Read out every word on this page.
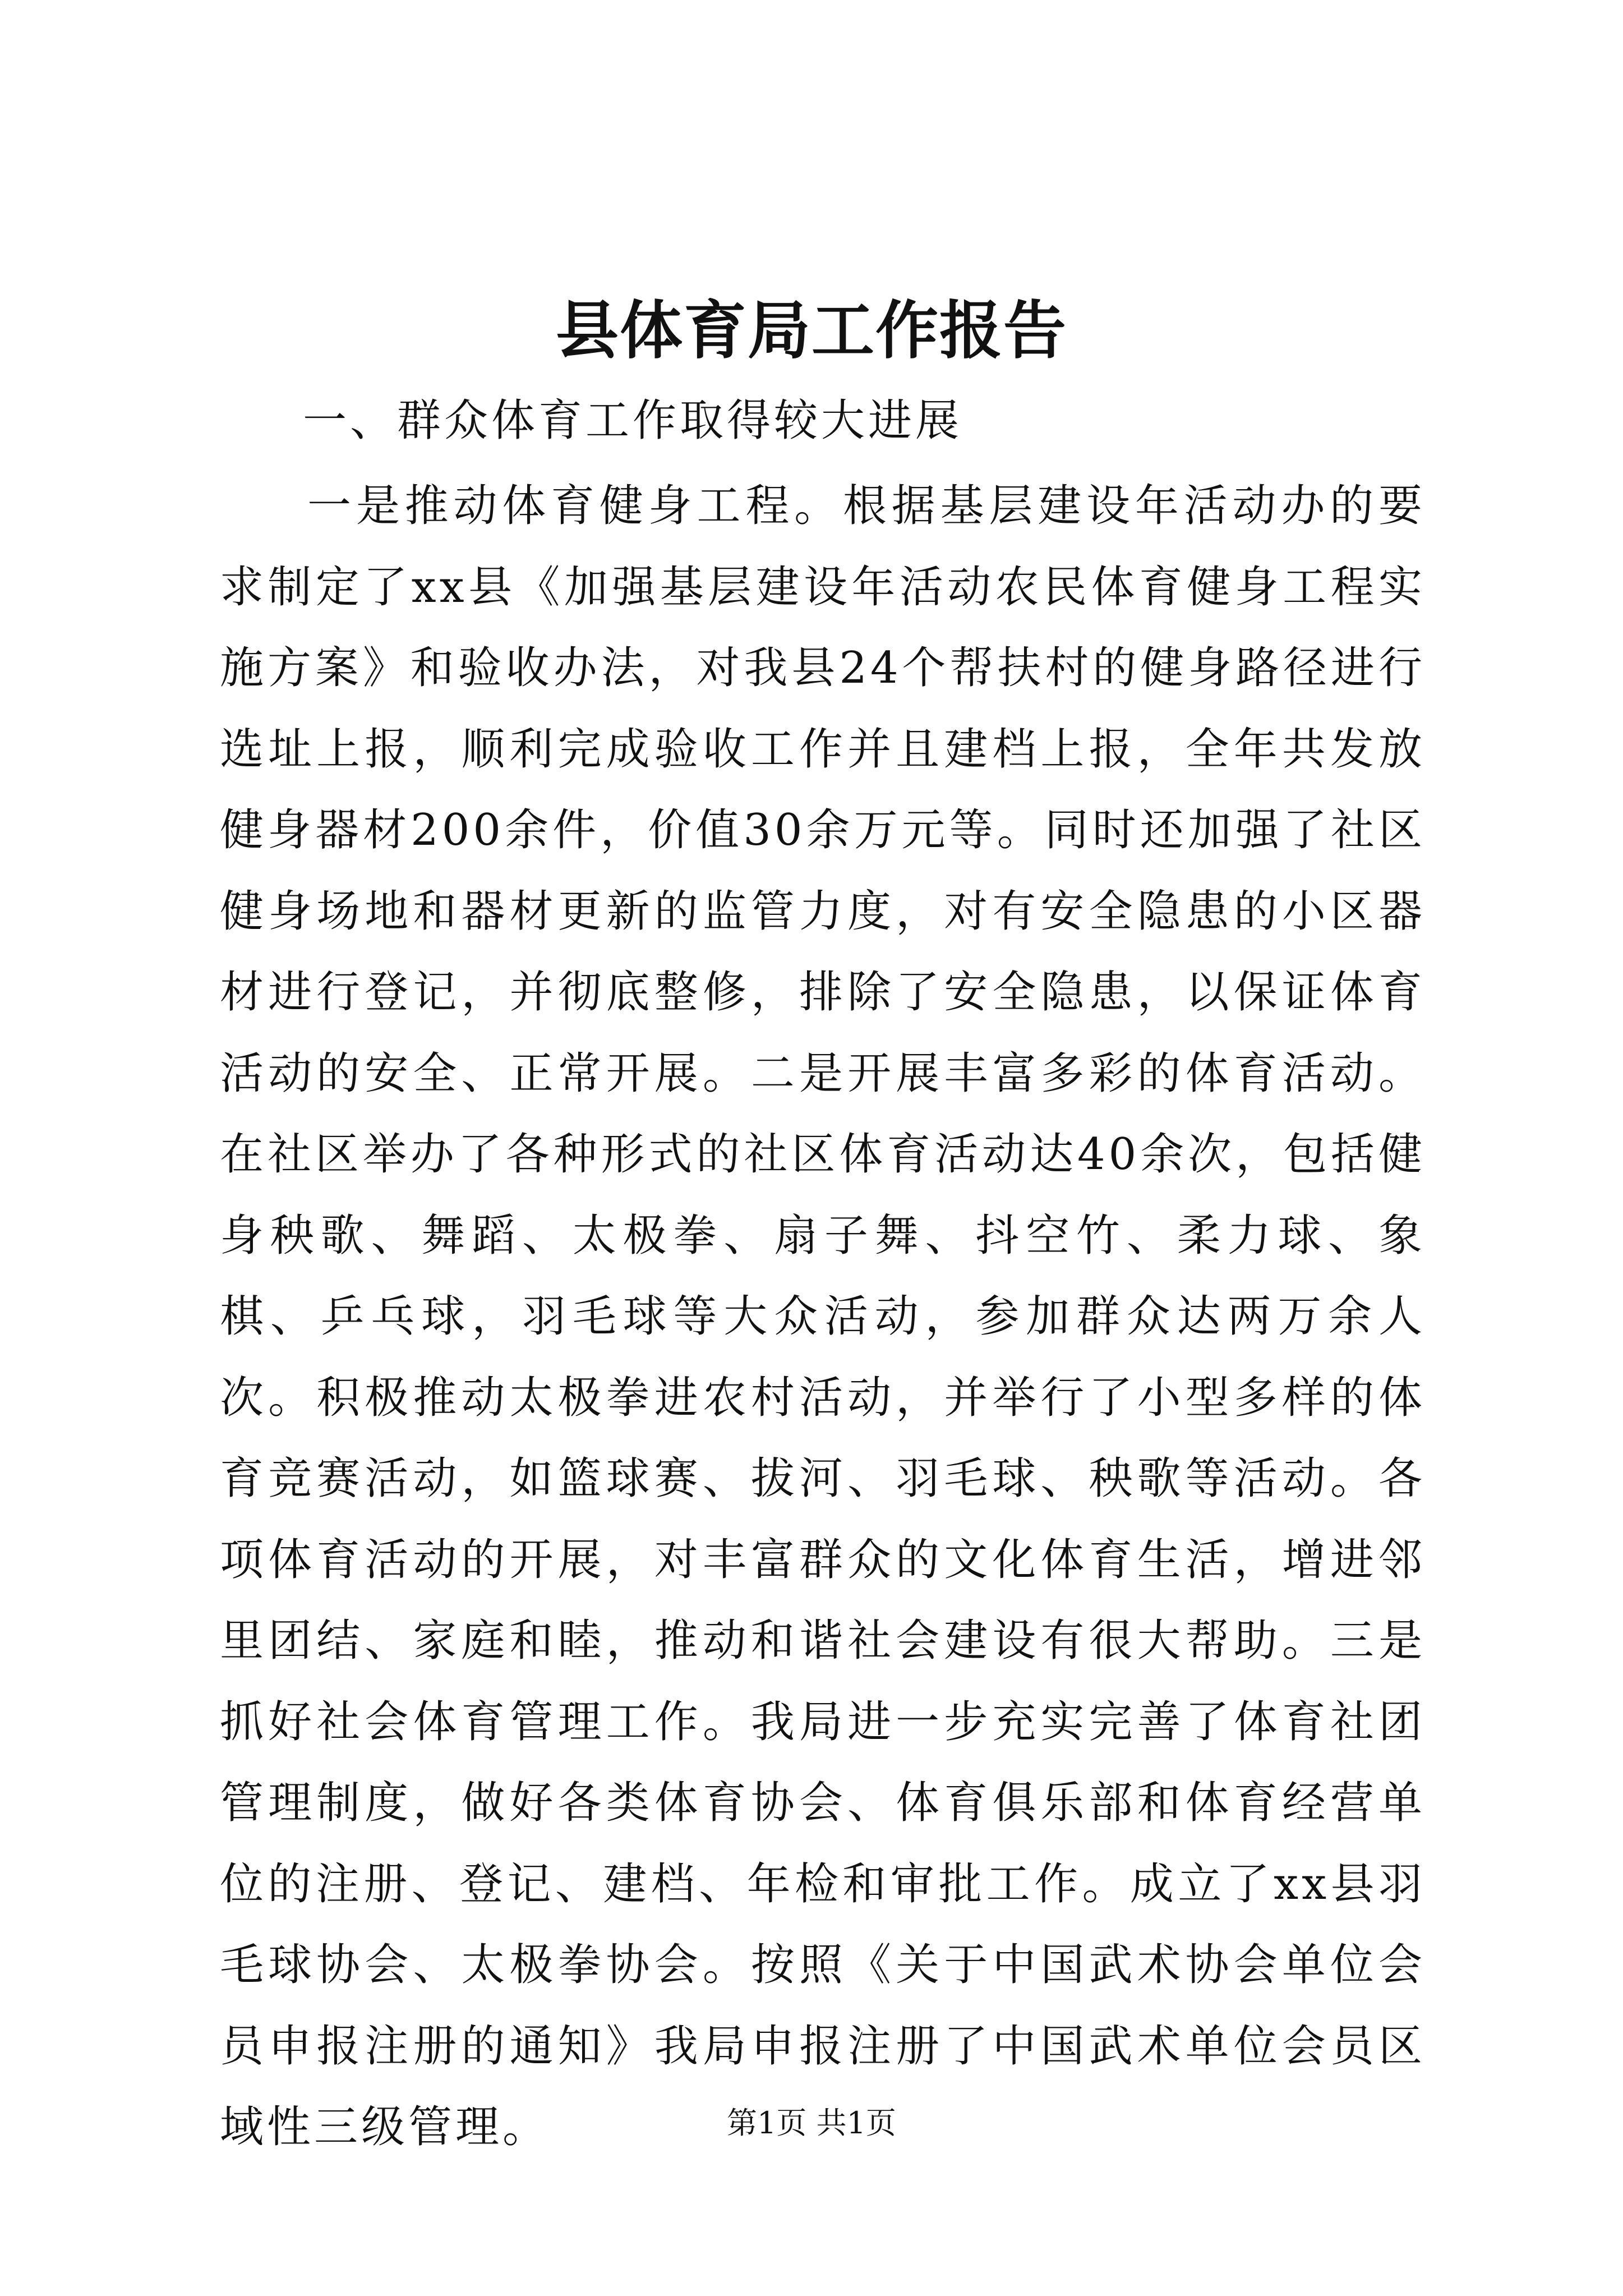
县体育局工作报告
一、群众体育工作取得较大进展

一是推动体育健身工程。根据基层建设年活动办的要求制定了xx县《加强基层建设年活动农民体育健身工程实施方案》和验收办法，对我县24个帮扶村的健身路径进行选址上报，顺利完成验收工作并且建档上报，全年共发放健身器材200余件，价值30余万元等。同时还加强了社区健身场地和器材更新的监管力度，对有安全隐患的小区器材进行登记，并彻底整修，排除了安全隐患，以保证体育活动的安全、正常开展。二是开展丰富多彩的体育活动。在社区举办了各种形式的社区体育活动达40余次，包括健身秧歌、舞蹈、太极拳、扇子舞、抖空竹、柔力球、象棋、乒乓球，羽毛球等大众活动，参加群众达两万余人次。积极推动太极拳进农村活动，并举行了小型多样的体育竞赛活动，如篮球赛、拔河、羽毛球、秧歌等活动。各项体育活动的开展，对丰富群众的文化体育生活，增进邻里团结、家庭和睦，推动和谐社会建设有很大帮助。三是抓好社会体育管理工作。我局进一步充实完善了体育社团管理制度，做好各类体育协会、体育俱乐部和体育经营单位的注册、登记、建档、年检和审批工作。成立了xx县羽毛球协会、太极拳协会。按照《关于中国武术协会单位会员申报注册的通知》我局申报注册了中国武术单位会员区域性三级管理。	第1页 共1页
